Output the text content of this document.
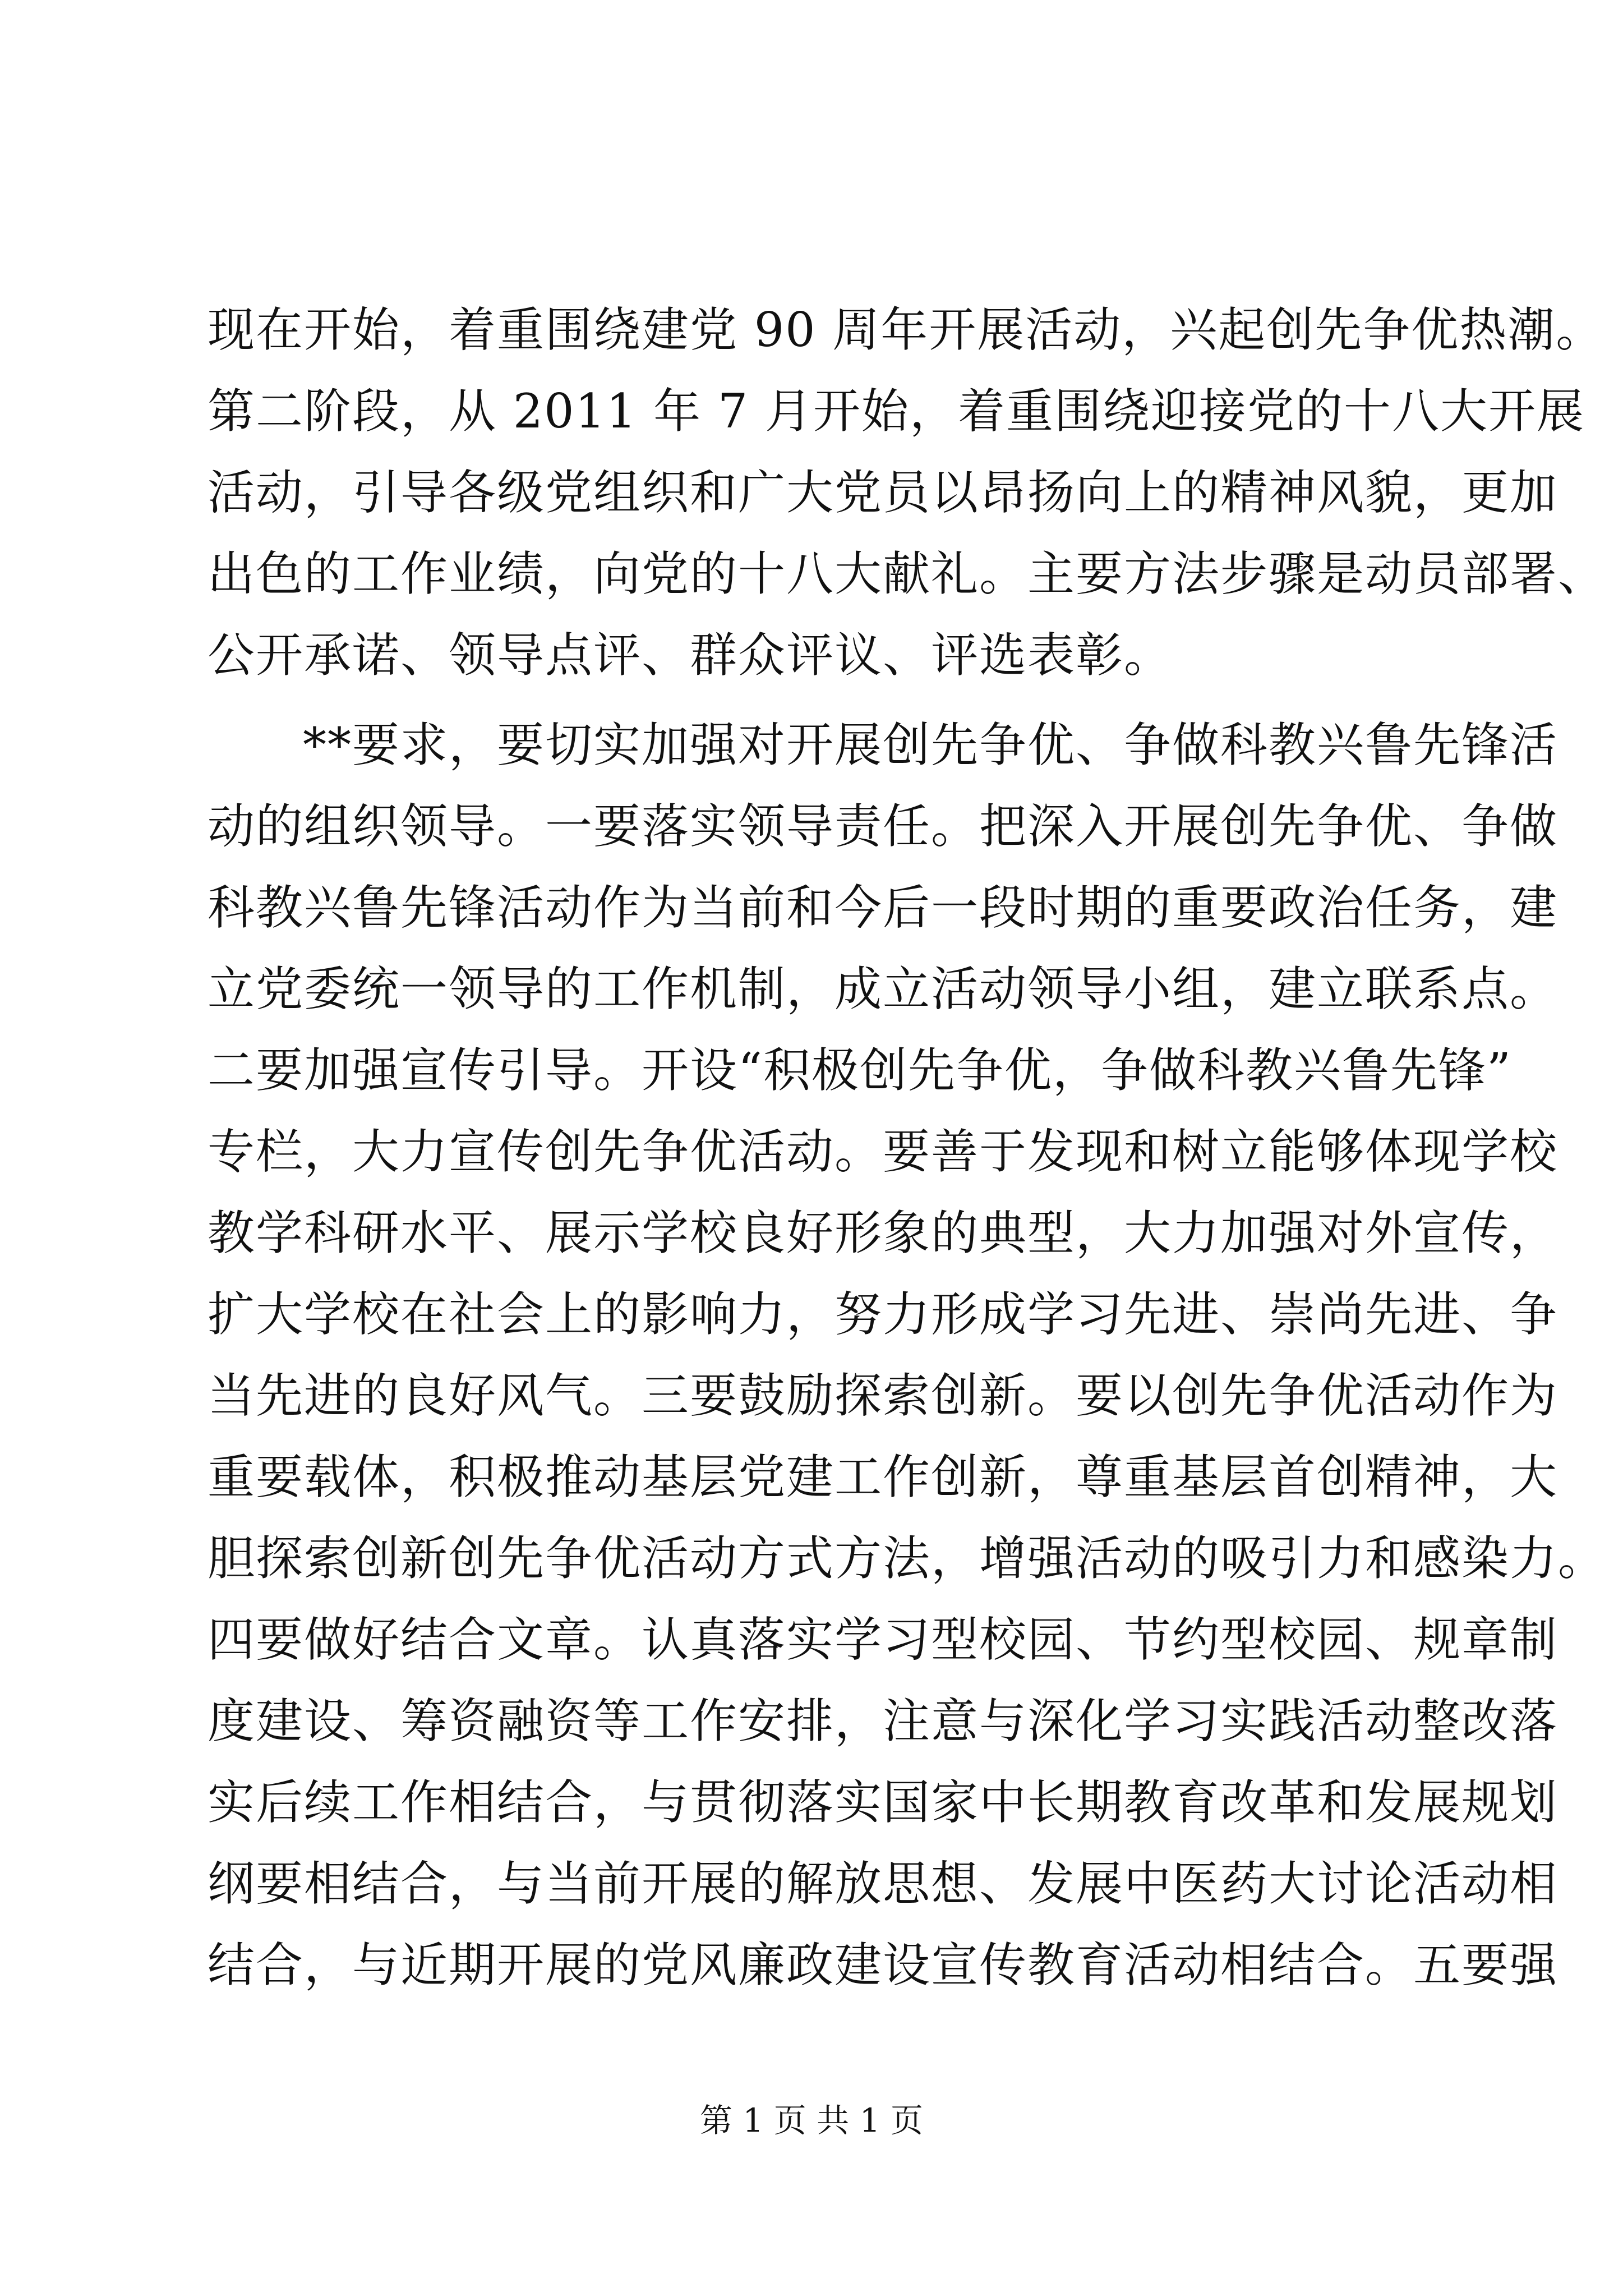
现在开始，着重围绕建党 90 周年开展活动，兴起创先争优热潮。
第二阶段，从 2011 年 7 月开始，着重围绕迎接党的十八大开展
活动，引导各级党组织和广大党员以昂扬向上的精神风貌，更加
出色的工作业绩，向党的十八大献礼。主要方法步骤是动员部署、
公开承诺、领导点评、群众评议、评选表彰。
**要求，要切实加强对开展创先争优、争做科教兴鲁先锋活
动的组织领导。一要落实领导责任。把深入开展创先争优、争做
科教兴鲁先锋活动作为当前和今后一段时期的重要政治任务，建
立党委统一领导的工作机制，成立活动领导小组，建立联系点。
二要加强宣传引导。开设“积极创先争优，争做科教兴鲁先锋”
专栏，大力宣传创先争优活动。要善于发现和树立能够体现学校
教学科研水平、展示学校良好形象的典型，大力加强对外宣传，
扩大学校在社会上的影响力，努力形成学习先进、崇尚先进、争
当先进的良好风气。三要鼓励探索创新。要以创先争优活动作为
重要载体，积极推动基层党建工作创新，尊重基层首创精神，大
胆探索创新创先争优活动方式方法，增强活动的吸引力和感染力。
四要做好结合文章。认真落实学习型校园、节约型校园、规章制
度建设、筹资融资等工作安排，注意与深化学习实践活动整改落
实后续工作相结合，与贯彻落实国家中长期教育改革和发展规划
纲要相结合，与当前开展的解放思想、发展中医药大讨论活动相
结合，与近期开展的党风廉政建设宣传教育活动相结合。五要强
第 1 页 共 1 页
